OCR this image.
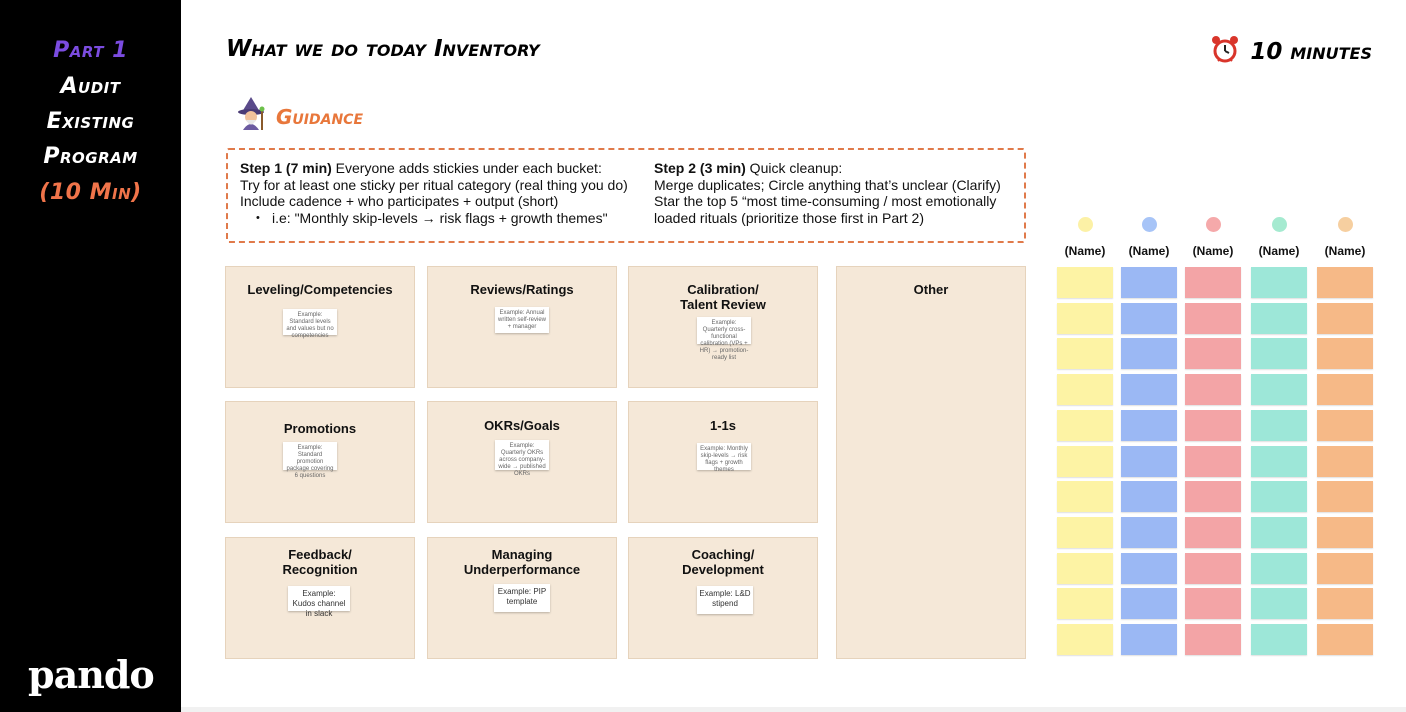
Part 1
Audit
Existing
Program
(10 Min)
pando
What we do today Inventory	10 minutes
Guidance
Step 1 (7 min) Everyone adds stickies under each bucket:
Try for at least one sticky per ritual category (real thing you do)
Include cadence + who participates + output (short)
• i.e: "Monthly skip-levels → risk flags + growth themes"
Step 2 (3 min) Quick cleanup:
Merge duplicates; Circle anything that’s unclear (Clarify)
Star the top 5 “most time-consuming / most emotionally
loaded rituals (prioritize those first in Part 2)
Leveling/Competencies
Example: Standard levels and values but no competencies
Reviews/Ratings
Example: Annual written self-review + manager
Calibration/
Talent Review
Example: Quarterly cross-functional calibration (VPs + HR) → promotion-ready list
Other
Promotions
Example: Standard promotion package covering 6 questions
OKRs/Goals
Example: Quarterly OKRs across company-wide → published OKRs
1-1s
Example: Monthly skip-levels → risk flags + growth themes
Feedback/
Recognition
Example: Kudos channel in slack
Managing
Underperformance
Example: PIP template
Coaching/
Development
Example: L&D stipend
(Name)	(Name)	(Name)	(Name)	(Name)
